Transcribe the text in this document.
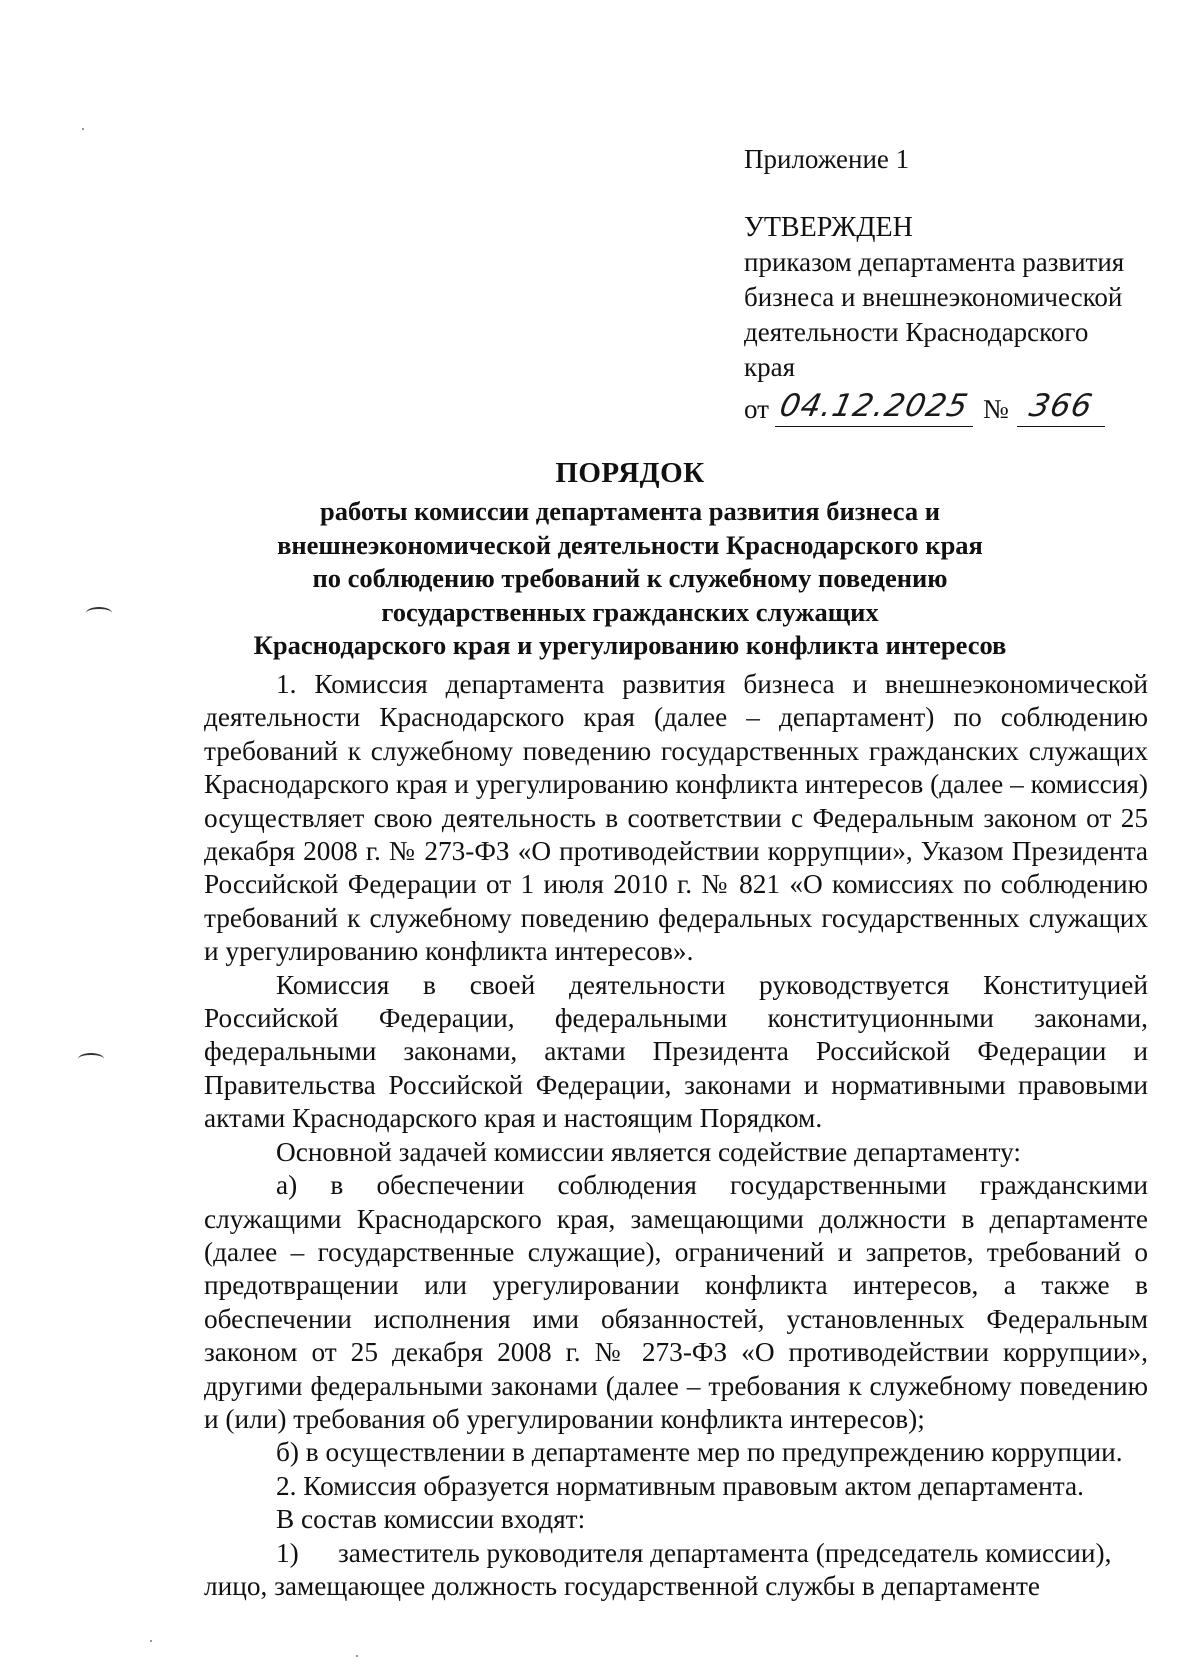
Приложение 1
УТВЕРЖДЕН
приказом департамента развития
бизнеса и внешнеэкономической
деятельности Краснодарского
края
от 04.12.2025 № 366
ПОРЯДОК
работы комиссии департамента развития бизнеса и
внешнеэкономической деятельности Краснодарского края
по соблюдению требований к служебному поведению
государственных гражданских служащих
Краснодарского края и урегулированию конфликта интересов

1. Комиссия департамента развития бизнеса и внешнеэкономической деятельности Краснодарского края (далее – департамент) по соблюдению требований к служебному поведению государственных гражданских служащих Краснодарского края и урегулированию конфликта интересов (далее – комиссия) осуществляет свою деятельность в соответствии с Федеральным законом от 25 декабря 2008 г. № 273-ФЗ «О противодействии коррупции», Указом Президента Российской Федерации от 1 июля 2010 г. № 821 «О комиссиях по соблюдению требований к служебному поведению федеральных государственных служащих и урегулированию конфликта интересов».

Комиссия в своей деятельности руководствуется Конституцией Российской Федерации, федеральными конституционными законами, федеральными законами, актами Президента Российской Федерации и Правительства Российской Федерации, законами и нормативными правовыми актами Краснодарского края и настоящим Порядком.

Основной задачей комиссии является содействие департаменту:

а) в обеспечении соблюдения государственными гражданскими служащими Краснодарского края, замещающими должности в департаменте (далее – государственные служащие), ограничений и запретов, требований о предотвращении или урегулировании конфликта интересов, а также в обеспечении исполнения ими обязанностей, установленных Федеральным законом от 25 декабря 2008 г. № 273-ФЗ «О противодействии коррупции», другими федеральными законами (далее – требования к служебному поведению и (или) требования об урегулировании конфликта интересов);

б) в осуществлении в департаменте мер по предупреждению коррупции.

2. Комиссия образуется нормативным правовым актом департамента.

В состав комиссии входят:

1)	заместитель руководителя департамента (председатель комиссии),

лицо, замещающее должность государственной службы в департаменте
